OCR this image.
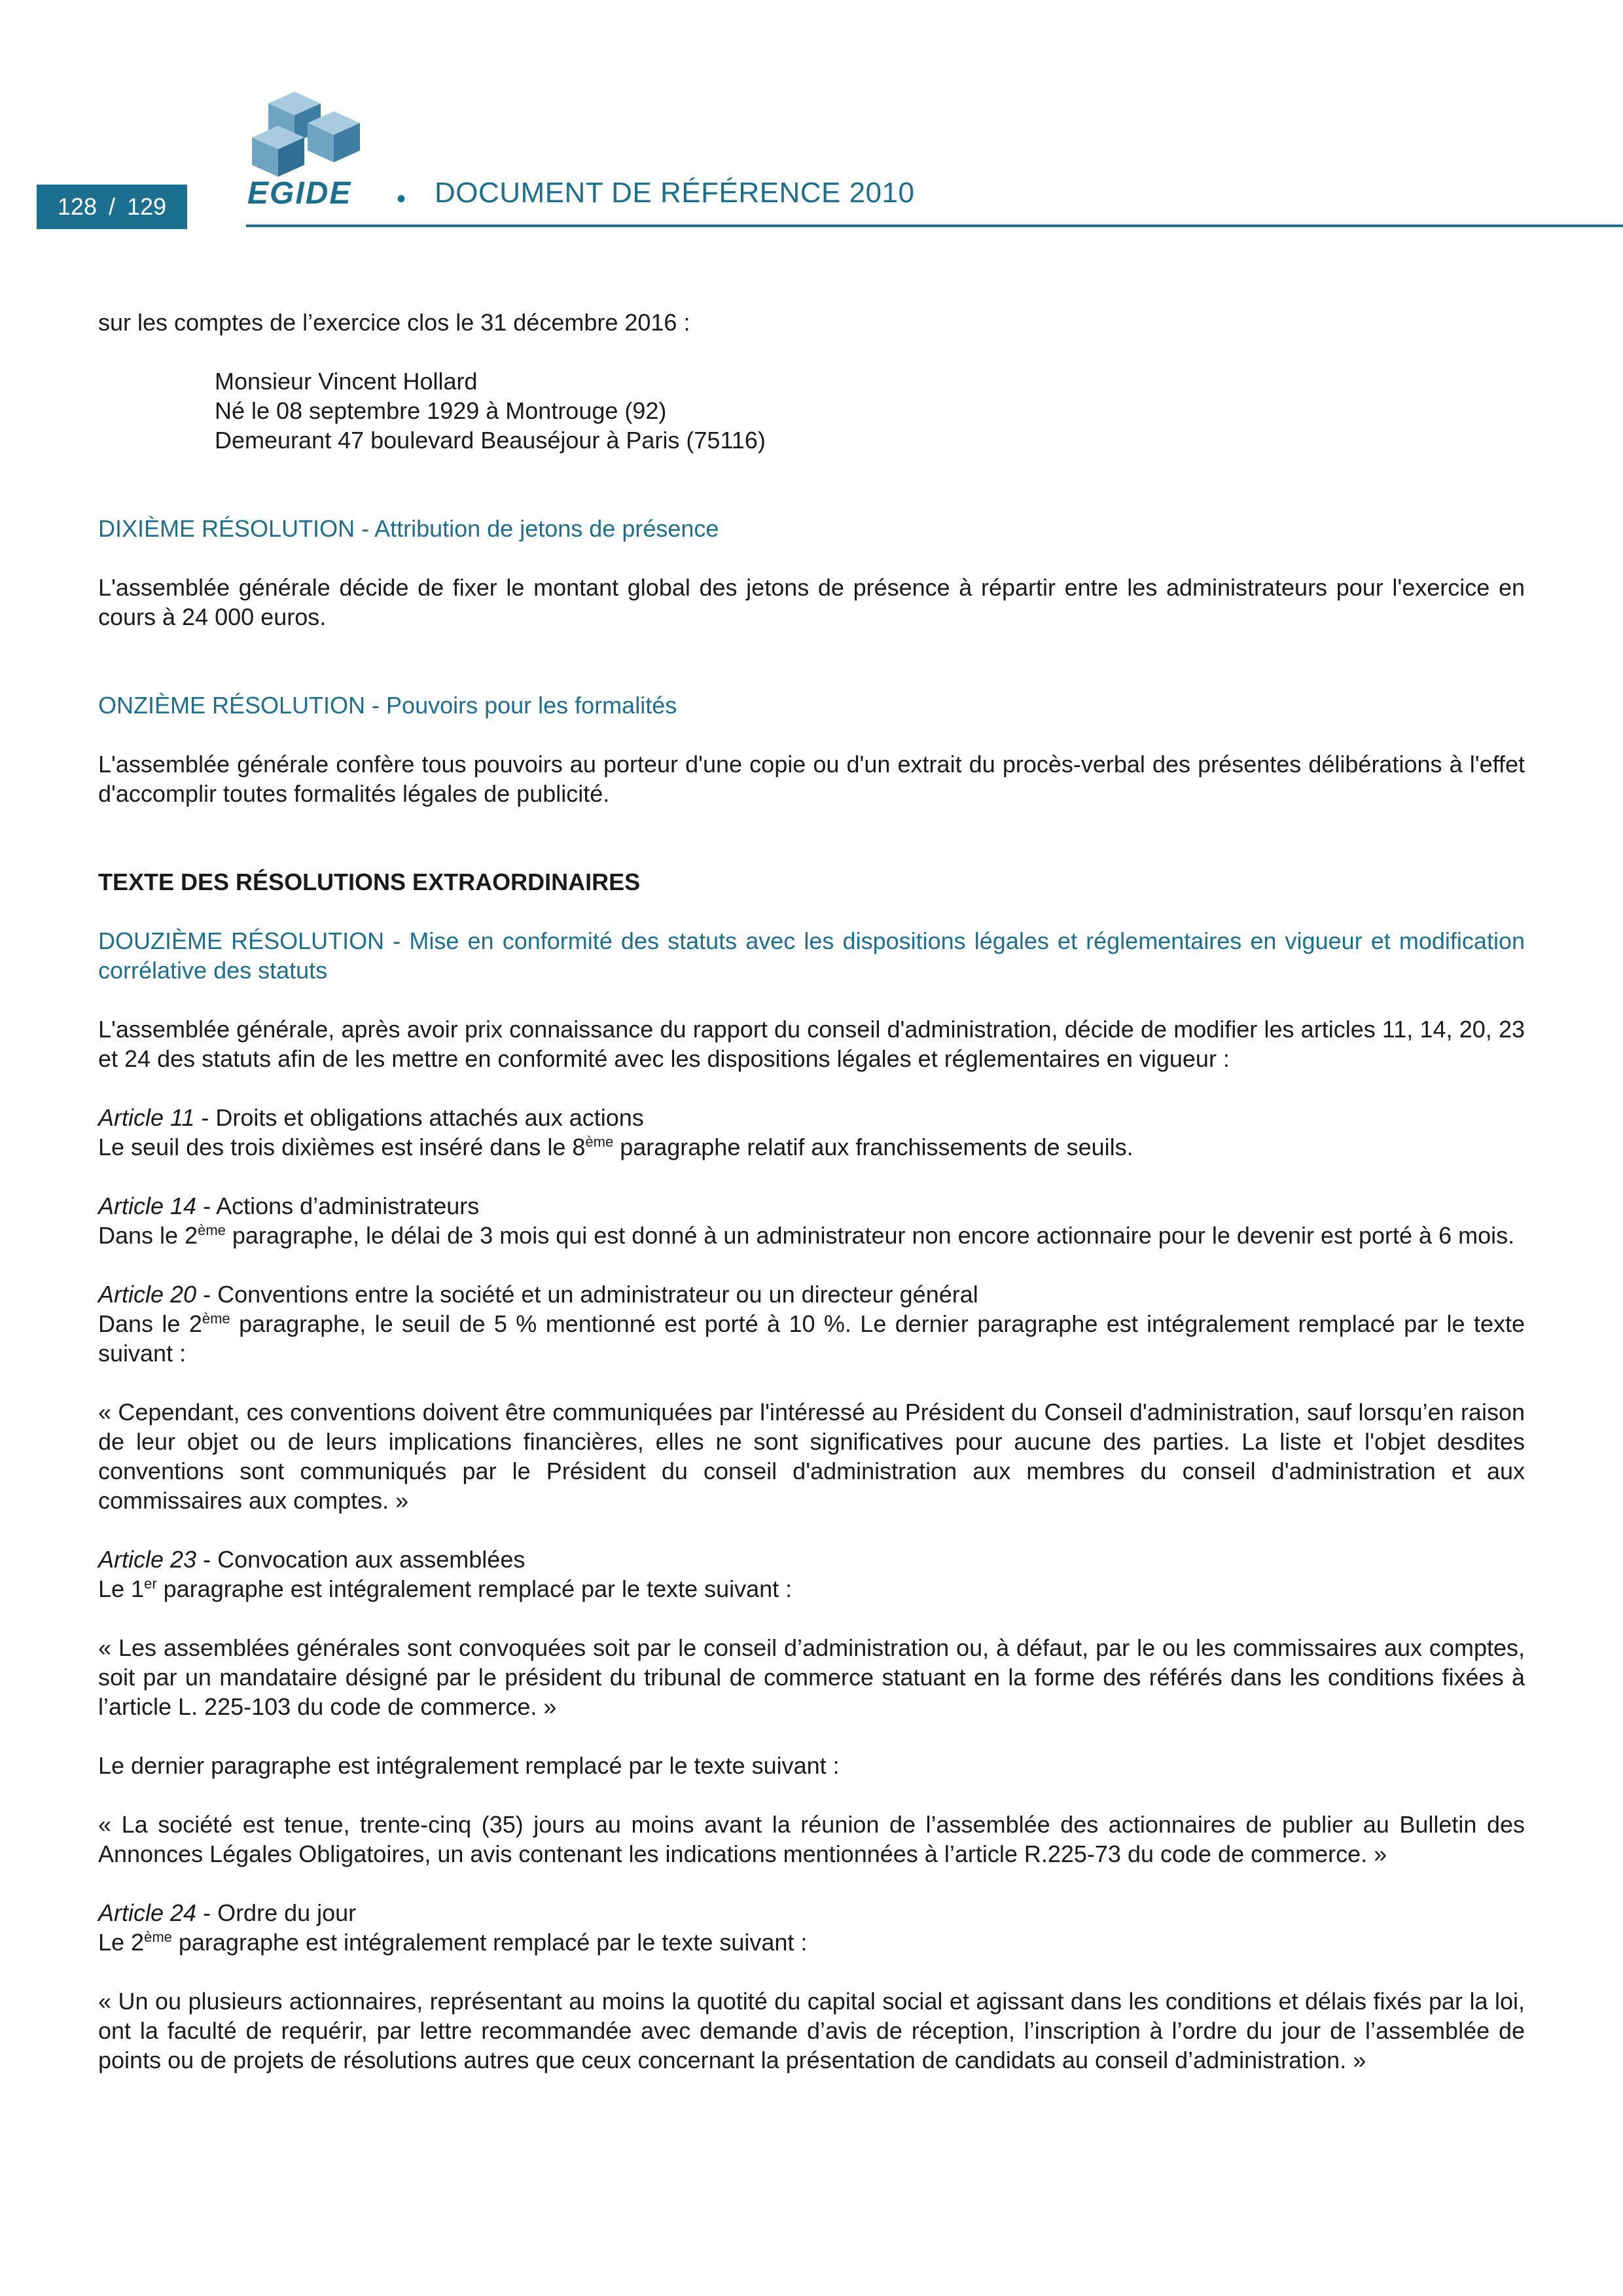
128 / 129	EGIDE	• DOCUMENT DE RÉFÉRENCE 2010

sur les comptes de l’exercice clos le 31 décembre 2016 :

Monsieur Vincent Hollard

Né le 08 septembre 1929 à Montrouge (92)

Demeurant 47 boulevard Beauséjour à Paris (75116)

DIXIÈME RÉSOLUTION - Attribution de jetons de présence

L'assemblée générale décide de fixer le montant global des jetons de présence à répartir entre les administrateurs pour l'exercice en cours à 24 000 euros.

ONZIÈME RÉSOLUTION - Pouvoirs pour les formalités

L'assemblée générale confère tous pouvoirs au porteur d'une copie ou d'un extrait du procès-verbal des présentes délibérations à l'effet d'accomplir toutes formalités légales de publicité.

TEXTE DES RÉSOLUTIONS EXTRAORDINAIRES

DOUZIÈME RÉSOLUTION - Mise en conformité des statuts avec les dispositions légales et réglementaires en vigueur et modification corrélative des statuts

L'assemblée générale, après avoir prix connaissance du rapport du conseil d'administration, décide de modifier les articles 11, 14, 20, 23 et 24 des statuts afin de les mettre en conformité avec les dispositions légales et réglementaires en vigueur :

Article 11 - Droits et obligations attachés aux actions

Le seuil des trois dixièmes est inséré dans le 8ème paragraphe relatif aux franchissements de seuils.

Article 14 - Actions d’administrateurs

Dans le 2ème paragraphe, le délai de 3 mois qui est donné à un administrateur non encore actionnaire pour le devenir est porté à 6 mois.

Article 20 - Conventions entre la société et un administrateur ou un directeur général

Dans le 2ème paragraphe, le seuil de 5 % mentionné est porté à 10 %. Le dernier paragraphe est intégralement remplacé par le texte suivant :

« Cependant, ces conventions doivent être communiquées par l'intéressé au Président du Conseil d'administration, sauf lorsqu’en raison de leur objet ou de leurs implications financières, elles ne sont significatives pour aucune des parties. La liste et l'objet desdites conventions sont communiqués par le Président du conseil d'administration aux membres du conseil d'administration et aux commissaires aux comptes. »

Article 23 - Convocation aux assemblées

Le 1er paragraphe est intégralement remplacé par le texte suivant :

« Les assemblées générales sont convoquées soit par le conseil d’administration ou, à défaut, par le ou les commissaires aux comptes, soit par un mandataire désigné par le président du tribunal de commerce statuant en la forme des référés dans les conditions fixées à l’article L. 225-103 du code de commerce. »

Le dernier paragraphe est intégralement remplacé par le texte suivant :

« La société est tenue, trente-cinq (35) jours au moins avant la réunion de l’assemblée des actionnaires de publier au Bulletin des Annonces Légales Obligatoires, un avis contenant les indications mentionnées à l’article R.225-73 du code de commerce. »

Article 24 - Ordre du jour

Le 2ème paragraphe est intégralement remplacé par le texte suivant :

« Un ou plusieurs actionnaires, représentant au moins la quotité du capital social et agissant dans les conditions et délais fixés par la loi, ont la faculté de requérir, par lettre recommandée avec demande d’avis de réception, l’inscription à l’ordre du jour de l’assemblée de points ou de projets de résolutions autres que ceux concernant la présentation de candidats au conseil d’administration. »
